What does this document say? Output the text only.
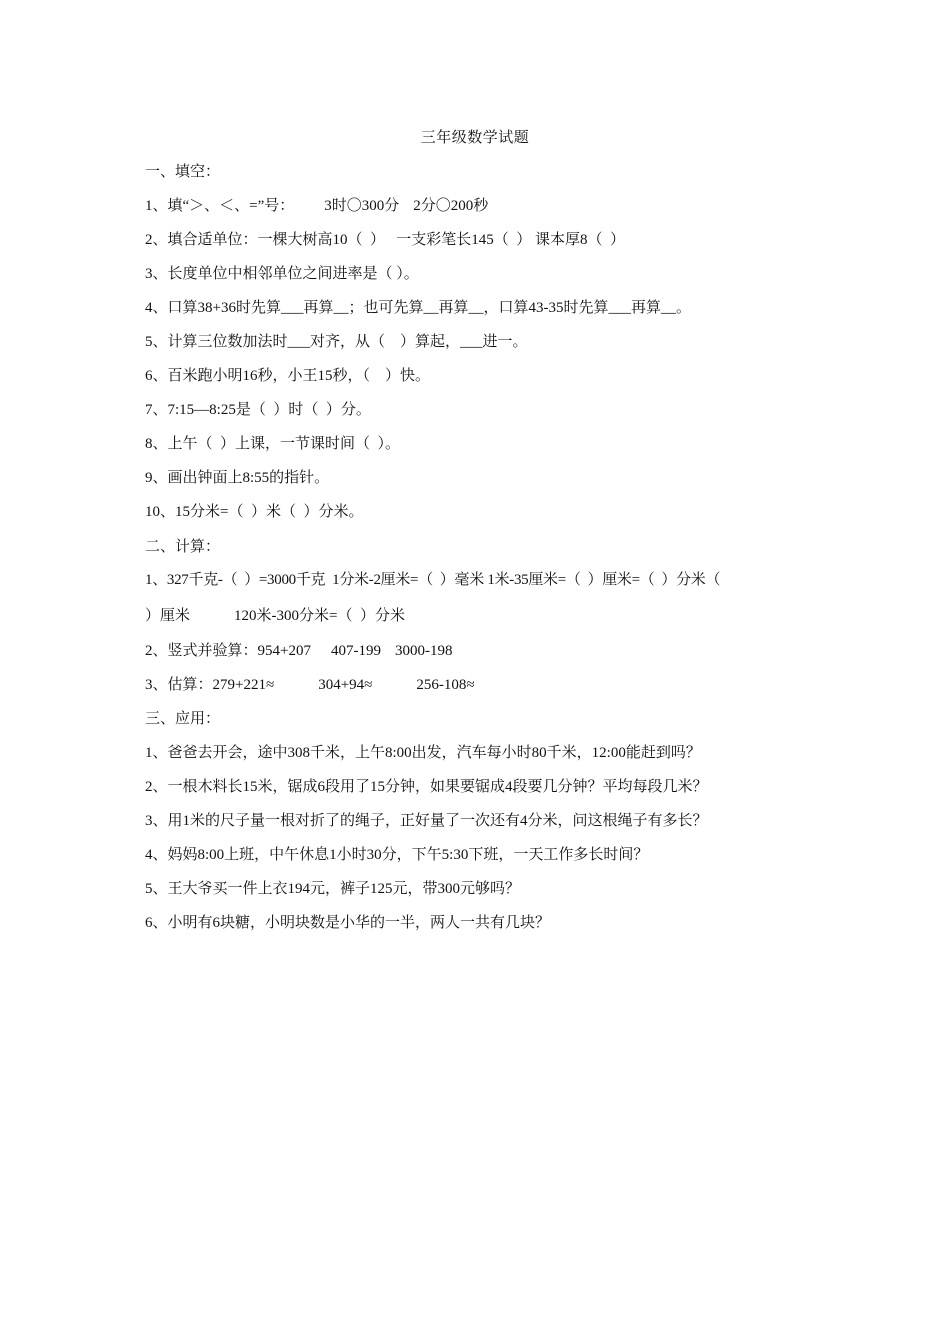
三年级数学试题
一、填空：
1、填“＞、＜、=”号： 3时〇300分 2分〇200秒
2、填合适单位：一棵大树高10（  ）   一支彩笔长145（  ） 课本厚8（  ）
3、长度单位中相邻单位之间进率是（ ）。
4、口算38+36时先算___再算__；也可先算__再算__，口算43-35时先算___再算__。
5、计算三位数加法时___对齐，从（    ）算起，___进一。
6、百米跑小明16秒，小王15秒，（    ）快。
7、7:15—8:25是（  ）时（  ）分。
8、上午（  ）上课，一节课时间（  ）。
9、画出钟面上8:55的指针。
10、15分米=（  ）米（  ）分米。
二、计算：
1、327千克-（  ）=3000千克  1分米-2厘米=（  ）毫米 1米-35厘米=（  ）厘米=（  ）分米（
）厘米	120米-300分米=（  ）分米
2、竖式并验算：954+207 407-199 3000-198
3、估算：279+221≈	304+94≈	256-108≈
三、应用：
1、爸爸去开会，途中308千米，上午8:00出发，汽车每小时80千米，12:00能赶到吗？
2、一根木料长15米，锯成6段用了15分钟，如果要锯成4段要几分钟？平均每段几米？
3、用1米的尺子量一根对折了的绳子，正好量了一次还有4分米，问这根绳子有多长？
4、妈妈8:00上班，中午休息1小时30分，下午5:30下班，一天工作多长时间？
5、王大爷买一件上衣194元，裤子125元，带300元够吗？
6、小明有6块糖，小明块数是小华的一半，两人一共有几块？
